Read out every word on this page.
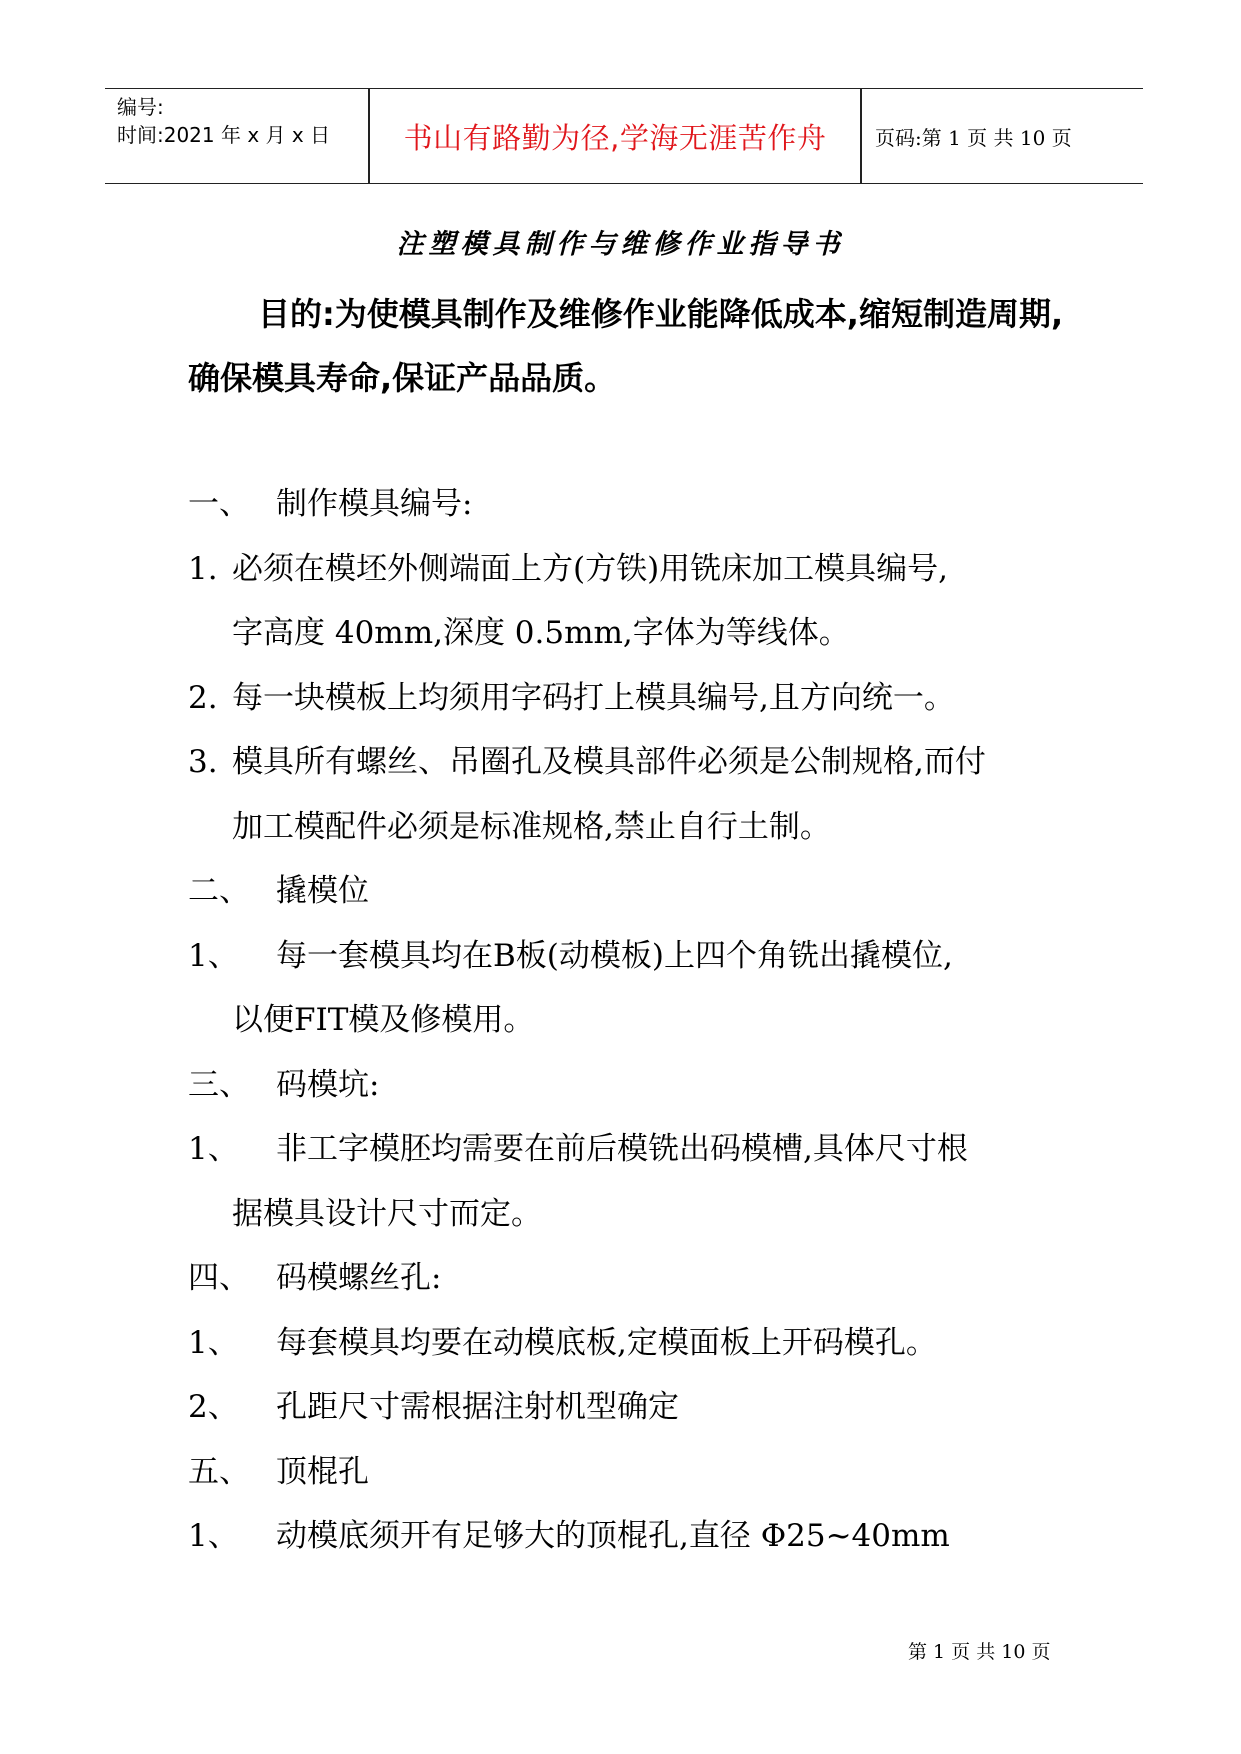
编号:
时间:2021 年 x 月 x 日	书山有路勤为径,学海无涯苦作舟	页码:第 1 页 共 10 页
注塑模具制作与维修作业指导书
目的:为使模具制作及维修作业能降低成本,缩短制造周期,确保模具寿命,保证产品品质。
一、 制作模具编号:
1. 必须在模坯外侧端面上方(方铁)用铣床加工模具编号,
字高度 40mm,深度 0.5mm,字体为等线体。
2. 每一块模板上均须用字码打上模具编号,且方向统一。
3. 模具所有螺丝、吊圈孔及模具部件必须是公制规格,而付
加工模配件必须是标准规格,禁止自行土制。
二、 撬模位
1、 每一套模具均在B板(动模板)上四个角铣出撬模位,
以便FIT模及修模用。
三、 码模坑:
1、 非工字模胚均需要在前后模铣出码模槽,具体尺寸根
据模具设计尺寸而定。
四、 码模螺丝孔:
1、 每套模具均要在动模底板,定模面板上开码模孔。
2、 孔距尺寸需根据注射机型确定
五、 顶棍孔
1、 动模底须开有足够大的顶棍孔,直径 Φ25~40mm
第 1 页 共 10 页
